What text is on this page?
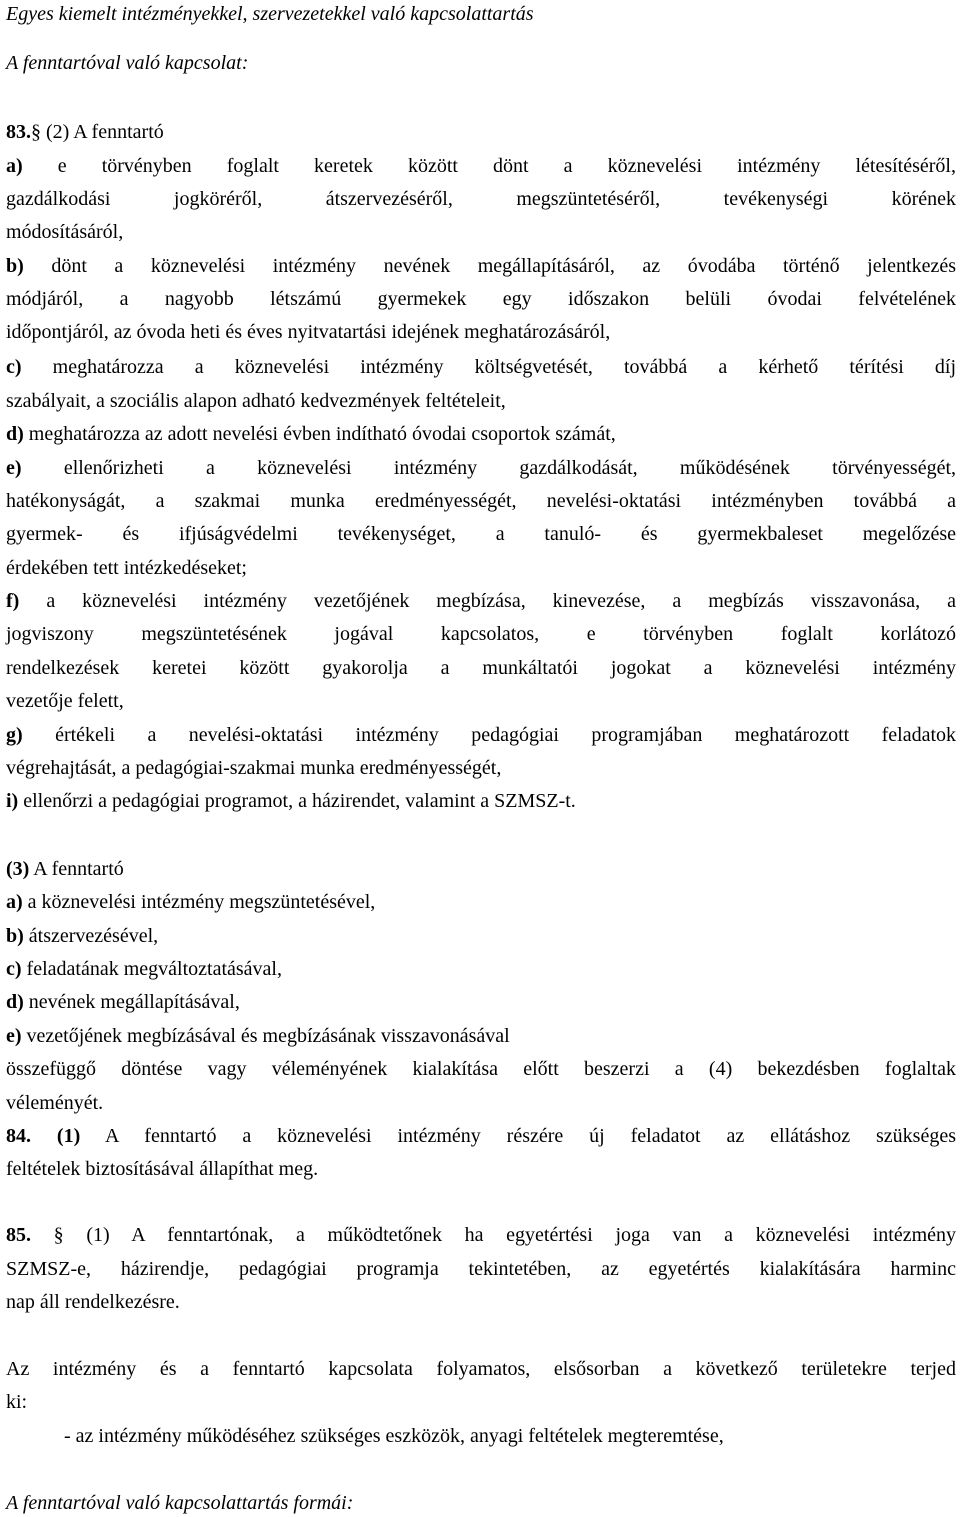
Egyes kiemelt intézményekkel, szervezetekkel való kapcsolattartás
A fenntartóval való kapcsolat:
83.§ (2) A fenntartó
a) e törvényben foglalt keretek között dönt a köznevelési intézmény létesítéséről,
gazdálkodási jogköréről, átszervezéséről, megszüntetéséről, tevékenységi körének
módosításáról,
b) dönt a köznevelési intézmény nevének megállapításáról, az óvodába történő jelentkezés
módjáról, a nagyobb létszámú gyermekek egy időszakon belüli óvodai felvételének
időpontjáról, az óvoda heti és éves nyitvatartási idejének meghatározásáról,
c) meghatározza a köznevelési intézmény költségvetését, továbbá a kérhető térítési díj
szabályait, a szociális alapon adható kedvezmények feltételeit,
d) meghatározza az adott nevelési évben indítható óvodai csoportok számát,
e) ellenőrizheti a köznevelési intézmény gazdálkodását, működésének törvényességét,
hatékonyságát, a szakmai munka eredményességét, nevelési-oktatási intézményben továbbá a
gyermek- és ifjúságvédelmi tevékenységet, a tanuló- és gyermekbaleset megelőzése
érdekében tett intézkedéseket;
f) a köznevelési intézmény vezetőjének megbízása, kinevezése, a megbízás visszavonása, a
jogviszony megszüntetésének jogával kapcsolatos, e törvényben foglalt korlátozó
rendelkezések keretei között gyakorolja a munkáltatói jogokat a köznevelési intézmény
vezetője felett,
g) értékeli a nevelési-oktatási intézmény pedagógiai programjában meghatározott feladatok
végrehajtását, a pedagógiai-szakmai munka eredményességét,
i) ellenőrzi a pedagógiai programot, a házirendet, valamint a SZMSZ-t.
(3) A fenntartó
a) a köznevelési intézmény megszüntetésével,
b) átszervezésével,
c) feladatának megváltoztatásával,
d) nevének megállapításával,
e) vezetőjének megbízásával és megbízásának visszavonásával
összefüggő döntése vagy véleményének kialakítása előtt beszerzi a (4) bekezdésben foglaltak
véleményét.
84. (1) A fenntartó a köznevelési intézmény részére új feladatot az ellátáshoz szükséges
feltételek biztosításával állapíthat meg.
85. § (1) A fenntartónak, a működtetőnek ha egyetértési joga van a köznevelési intézmény
SZMSZ-e, házirendje, pedagógiai programja tekintetében, az egyetértés kialakítására harminc
nap áll rendelkezésre.
Az intézmény és a fenntartó kapcsolata folyamatos, elsősorban a következő területekre terjed
ki:
- az intézmény működéséhez szükséges eszközök, anyagi feltételek megteremtése,
A fenntartóval való kapcsolattartás formái:
